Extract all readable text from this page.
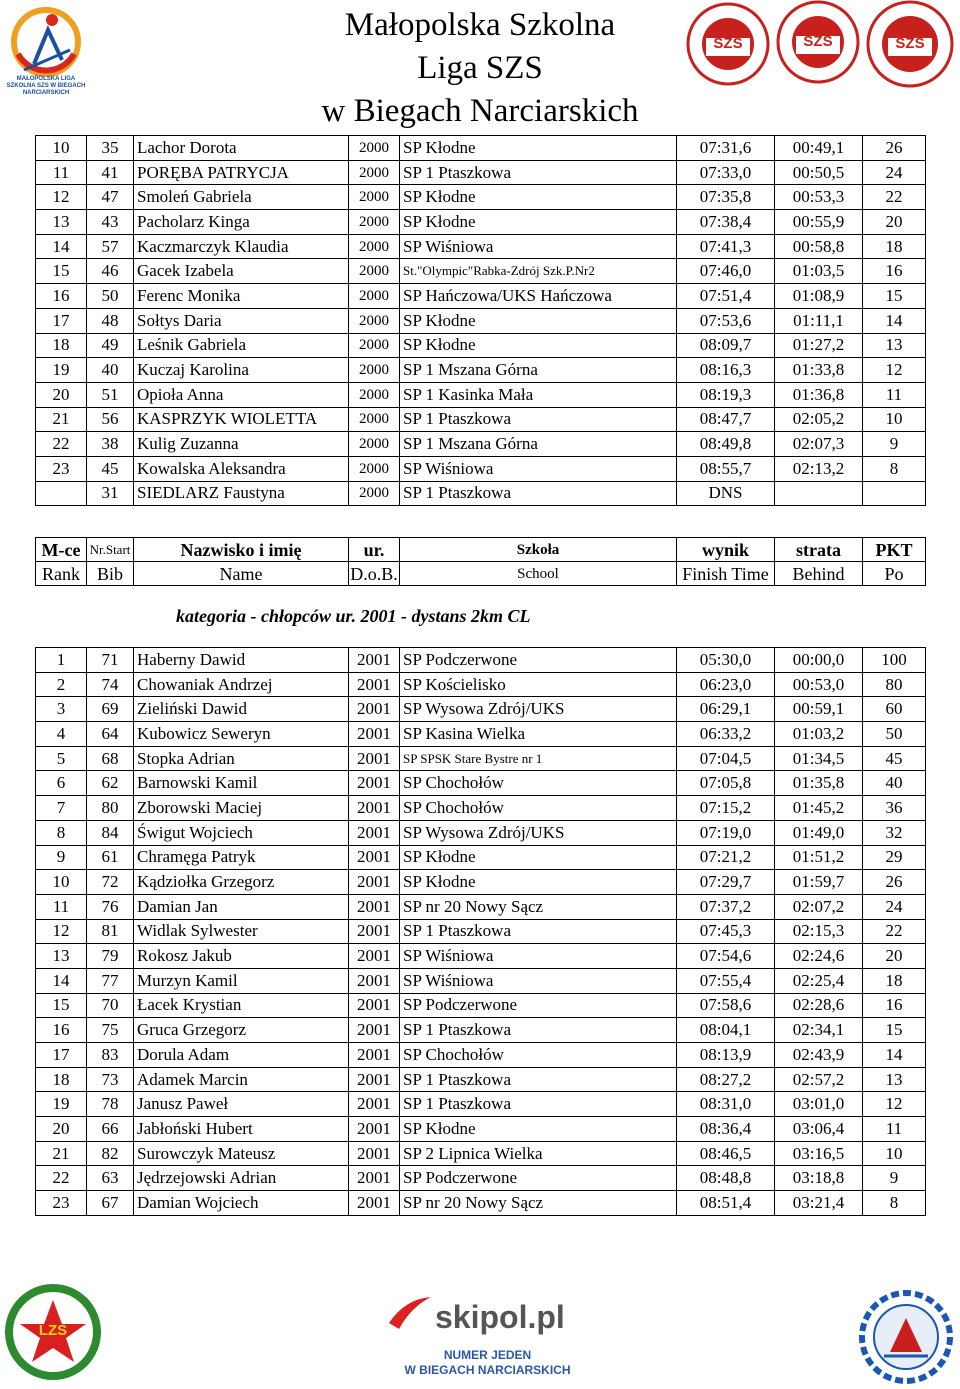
Małopolska Szkolna
Liga SZS
w Biegach Narciarskich
MAŁOPOLSKA LIGA SZKOLNA SZS W BIEGACH NARCIARSKICH
SZS	SZS	SZS
10	35	Lachor Dorota	2000	SP Kłodne	07:31,6	00:49,1	26
11	41	PORĘBA PATRYCJA	2000	SP 1 Ptaszkowa	07:33,0	00:50,5	24
12	47	Smoleń Gabriela	2000	SP Kłodne	07:35,8	00:53,3	22
13	43	Pacholarz Kinga	2000	SP Kłodne	07:38,4	00:55,9	20
14	57	Kaczmarczyk Klaudia	2000	SP Wiśniowa	07:41,3	00:58,8	18
15	46	Gacek Izabela	2000	St."Olympic"Rabka-Zdrój Szk.P.Nr2	07:46,0	01:03,5	16
16	50	Ferenc Monika	2000	SP Hańczowa/UKS Hańczowa	07:51,4	01:08,9	15
17	48	Sołtys Daria	2000	SP Kłodne	07:53,6	01:11,1	14
18	49	Leśnik Gabriela	2000	SP Kłodne	08:09,7	01:27,2	13
19	40	Kuczaj Karolina	2000	SP 1 Mszana Górna	08:16,3	01:33,8	12
20	51	Opioła Anna	2000	SP 1 Kasinka Mała	08:19,3	01:36,8	11
21	56	KASPRZYK WIOLETTA	2000	SP 1 Ptaszkowa	08:47,7	02:05,2	10
22	38	Kulig Zuzanna	2000	SP 1 Mszana Górna	08:49,8	02:07,3	9
23	45	Kowalska Aleksandra	2000	SP Wiśniowa	08:55,7	02:13,2	8
	31	SIEDLARZ Faustyna	2000	SP 1 Ptaszkowa	DNS		
M-ce	Nr.Start	Nazwisko i imię	ur.	Szkoła	wynik	strata	PKT
Rank	Bib	Name	D.o.B.	School	Finish Time	Behind	Po
kategoria - chłopców ur. 2001 - dystans 2km CL
1	71	Haberny Dawid	2001	SP Podczerwone	05:30,0	00:00,0	100
2	74	Chowaniak Andrzej	2001	SP Kościelisko	06:23,0	00:53,0	80
3	69	Zieliński Dawid	2001	SP Wysowa Zdrój/UKS	06:29,1	00:59,1	60
4	64	Kubowicz Seweryn	2001	SP Kasina Wielka	06:33,2	01:03,2	50
5	68	Stopka Adrian	2001	SP SPSK Stare Bystre nr 1	07:04,5	01:34,5	45
6	62	Barnowski Kamil	2001	SP Chochołów	07:05,8	01:35,8	40
7	80	Zborowski Maciej	2001	SP Chochołów	07:15,2	01:45,2	36
8	84	Świgut Wojciech	2001	SP Wysowa Zdrój/UKS	07:19,0	01:49,0	32
9	61	Chramęga Patryk	2001	SP Kłodne	07:21,2	01:51,2	29
10	72	Kądziołka Grzegorz	2001	SP Kłodne	07:29,7	01:59,7	26
11	76	Damian Jan	2001	SP nr 20 Nowy Sącz	07:37,2	02:07,2	24
12	81	Widlak Sylwester	2001	SP 1 Ptaszkowa	07:45,3	02:15,3	22
13	79	Rokosz Jakub	2001	SP Wiśniowa	07:54,6	02:24,6	20
14	77	Murzyn Kamil	2001	SP Wiśniowa	07:55,4	02:25,4	18
15	70	Łacek Krystian	2001	SP Podczerwone	07:58,6	02:28,6	16
16	75	Gruca Grzegorz	2001	SP 1 Ptaszkowa	08:04,1	02:34,1	15
17	83	Dorula Adam	2001	SP Chochołów	08:13,9	02:43,9	14
18	73	Adamek Marcin	2001	SP 1 Ptaszkowa	08:27,2	02:57,2	13
19	78	Janusz Paweł	2001	SP 1 Ptaszkowa	08:31,0	03:01,0	12
20	66	Jabłoński Hubert	2001	SP Kłodne	08:36,4	03:06,4	11
21	82	Surowczyk Mateusz	2001	SP 2 Lipnica Wielka	08:46,5	03:16,5	10
22	63	Jędrzejowski Adrian	2001	SP Podczerwone	08:48,8	03:18,8	9
23	67	Damian Wojciech	2001	SP nr 20 Nowy Sącz	08:51,4	03:21,4	8
LZS	skipol.pl
NUMER JEDEN
W BIEGACH NARCIARSKICH
